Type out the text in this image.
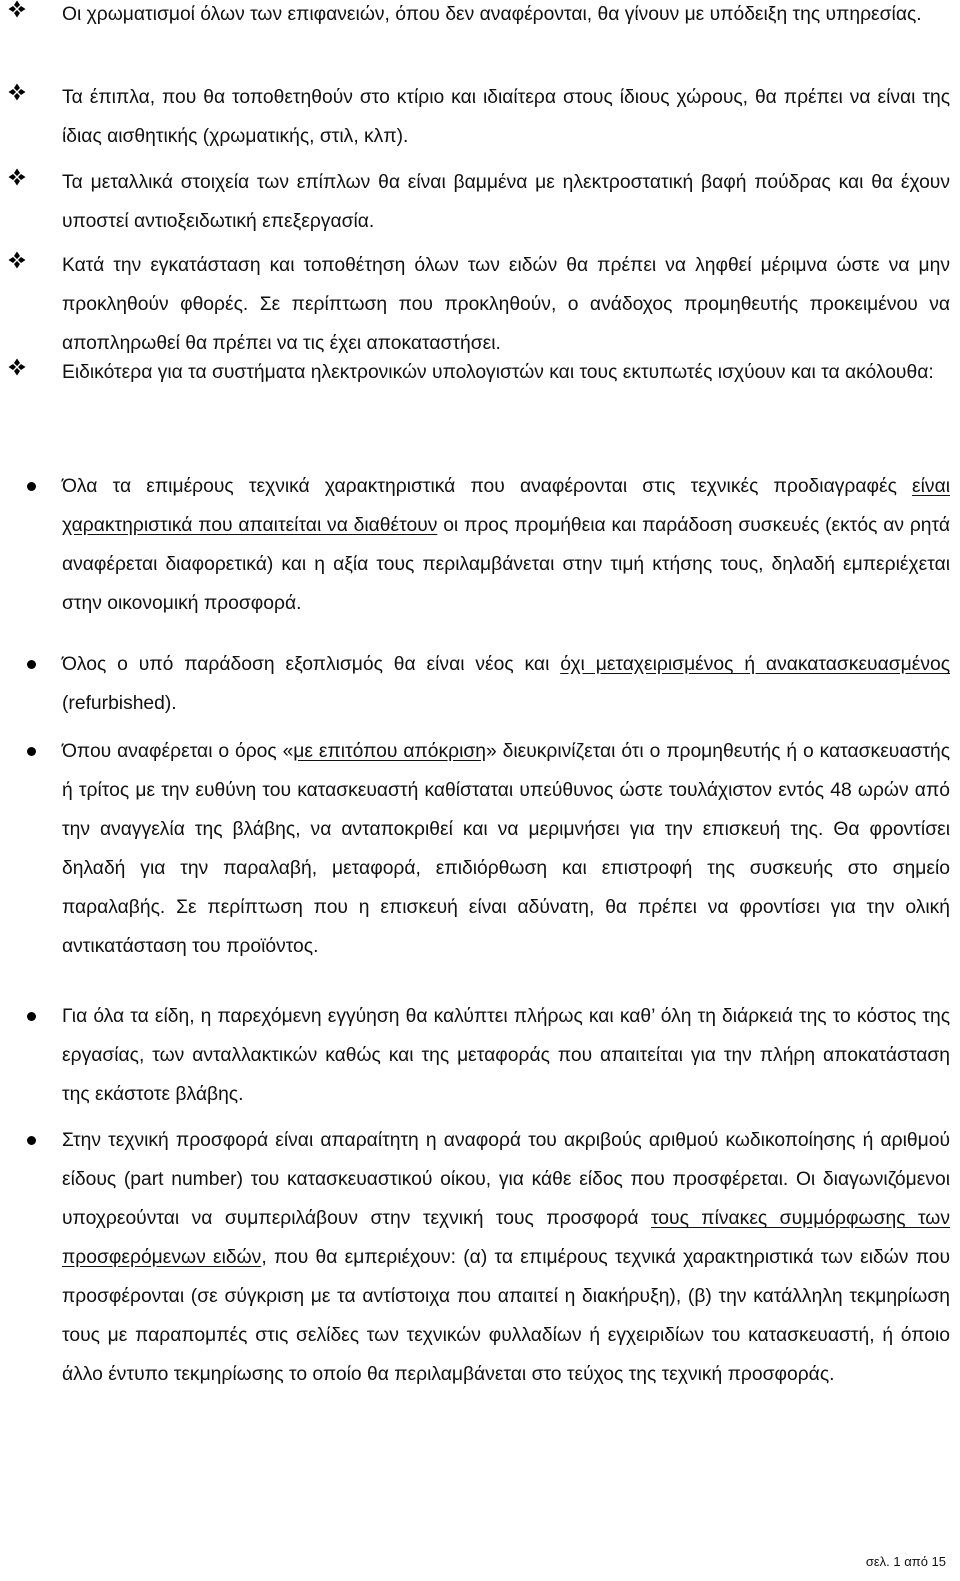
Οι χρωματισμοί όλων των επιφανειών, όπου δεν αναφέρονται, θα γίνουν με υπόδειξη της υπηρεσίας.
Τα έπιπλα, που θα τοποθετηθούν στο κτίριο και ιδιαίτερα στους ίδιους χώρους, θα πρέπει να είναι της ίδιας αισθητικής (χρωματικής, στιλ, κλπ).
Τα μεταλλικά στοιχεία των επίπλων θα είναι βαμμένα με ηλεκτροστατική βαφή πούδρας και θα έχουν υποστεί αντιοξειδωτική επεξεργασία.
Κατά την εγκατάσταση και τοποθέτηση όλων των ειδών θα πρέπει να ληφθεί μέριμνα ώστε να μην προκληθούν φθορές. Σε περίπτωση που προκληθούν, ο ανάδοχος προμηθευτής προκειμένου να αποπληρωθεί θα πρέπει να τις έχει αποκαταστήσει.
Ειδικότερα για τα συστήματα ηλεκτρονικών υπολογιστών και τους εκτυπωτές ισχύουν και τα ακόλουθα:
Όλα τα επιμέρους τεχνικά χαρακτηριστικά που αναφέρονται στις τεχνικές προδιαγραφές είναι χαρακτηριστικά που απαιτείται να διαθέτουν οι προς προμήθεια και παράδοση συσκευές (εκτός αν ρητά αναφέρεται διαφορετικά) και η αξία τους περιλαμβάνεται στην τιμή κτήσης τους, δηλαδή εμπεριέχεται στην οικονομική προσφορά.
Όλος ο υπό παράδοση εξοπλισμός θα είναι νέος και όχι μεταχειρισμένος ή ανακατασκευασμένος (refurbished).
Όπου αναφέρεται ο όρος «με επιτόπου απόκριση» διευκρινίζεται ότι ο προμηθευτής ή ο κατασκευαστής ή τρίτος με την ευθύνη του κατασκευαστή καθίσταται υπεύθυνος ώστε τουλάχιστον εντός 48 ωρών από την αναγγελία της βλάβης, να ανταποκριθεί και να μεριμνήσει για την επισκευή της. Θα φροντίσει δηλαδή για την παραλαβή, μεταφορά, επιδιόρθωση και επιστροφή της συσκευής στο σημείο παραλαβής. Σε περίπτωση που η επισκευή είναι αδύνατη, θα πρέπει να φροντίσει για την ολική αντικατάσταση του προϊόντος.
Για όλα τα είδη, η παρεχόμενη εγγύηση θα καλύπτει πλήρως και καθ’ όλη τη διάρκειά της το κόστος της εργασίας, των ανταλλακτικών καθώς και της μεταφοράς που απαιτείται για την πλήρη αποκατάσταση της εκάστοτε βλάβης.
Στην τεχνική προσφορά είναι απαραίτητη η αναφορά του ακριβούς αριθμού κωδικοποίησης ή αριθμού είδους (part number) του κατασκευαστικού οίκου, για κάθε είδος που προσφέρεται. Οι διαγωνιζόμενοι υποχρεούνται να συμπεριλάβουν στην τεχνική τους προσφορά τους πίνακες συμμόρφωσης των προσφερόμενων ειδών, που θα εμπεριέχουν: (α) τα επιμέρους τεχνικά χαρακτηριστικά των ειδών που προσφέρονται (σε σύγκριση με τα αντίστοιχα που απαιτεί η διακήρυξη), (β) την κατάλληλη τεκμηρίωση τους με παραπομπές στις σελίδες των τεχνικών φυλλαδίων ή εγχειριδίων του κατασκευαστή, ή όποιο άλλο έντυπο τεκμηρίωσης το οποίο θα περιλαμβάνεται στο τεύχος της τεχνική προσφοράς.
σελ. 1 από 15
